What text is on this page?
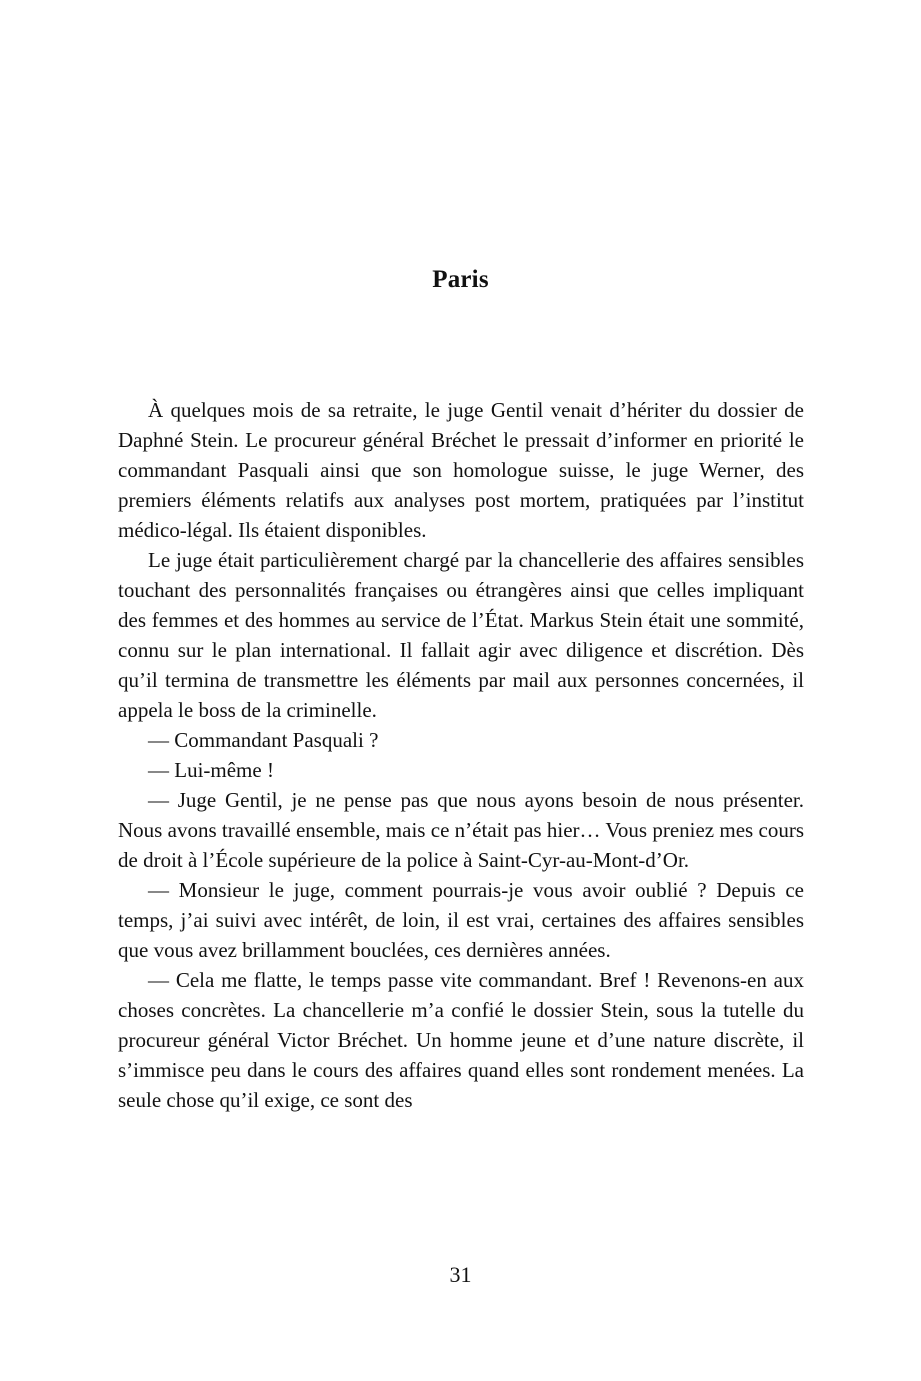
Paris

À quelques mois de sa retraite, le juge Gentil venait d’hériter du dossier de Daphné Stein. Le procureur général Bréchet le pressait d’informer en priorité le commandant Pasquali ainsi que son homologue suisse, le juge Werner, des premiers éléments relatifs aux analyses post mortem, pratiquées par l’institut médico-légal. Ils étaient disponibles.

Le juge était particulièrement chargé par la chancellerie des affaires sensibles touchant des personnalités françaises ou étrangères ainsi que celles impliquant des femmes et des hommes au service de l’État. Markus Stein était une sommité, connu sur le plan international. Il fallait agir avec diligence et discrétion. Dès qu’il termina de transmettre les éléments par mail aux personnes concernées, il appela le boss de la criminelle.

— Commandant Pasquali ?

— Lui-même !

— Juge Gentil, je ne pense pas que nous ayons besoin de nous présenter. Nous avons travaillé ensemble, mais ce n’était pas hier… Vous preniez mes cours de droit à l’École supérieure de la police à Saint-Cyr-au-Mont-d’Or.

— Monsieur le juge, comment pourrais-je vous avoir oublié ? Depuis ce temps, j’ai suivi avec intérêt, de loin, il est vrai, certaines des affaires sensibles que vous avez brillamment bouclées, ces dernières années.

— Cela me flatte, le temps passe vite commandant. Bref ! Revenons-en aux choses concrètes. La chancellerie m’a confié le dossier Stein, sous la tutelle du procureur général Victor Bréchet. Un homme jeune et d’une nature discrète, il s’immisce peu dans le cours des affaires quand elles sont rondement menées. La seule chose qu’il exige, ce sont des

31
